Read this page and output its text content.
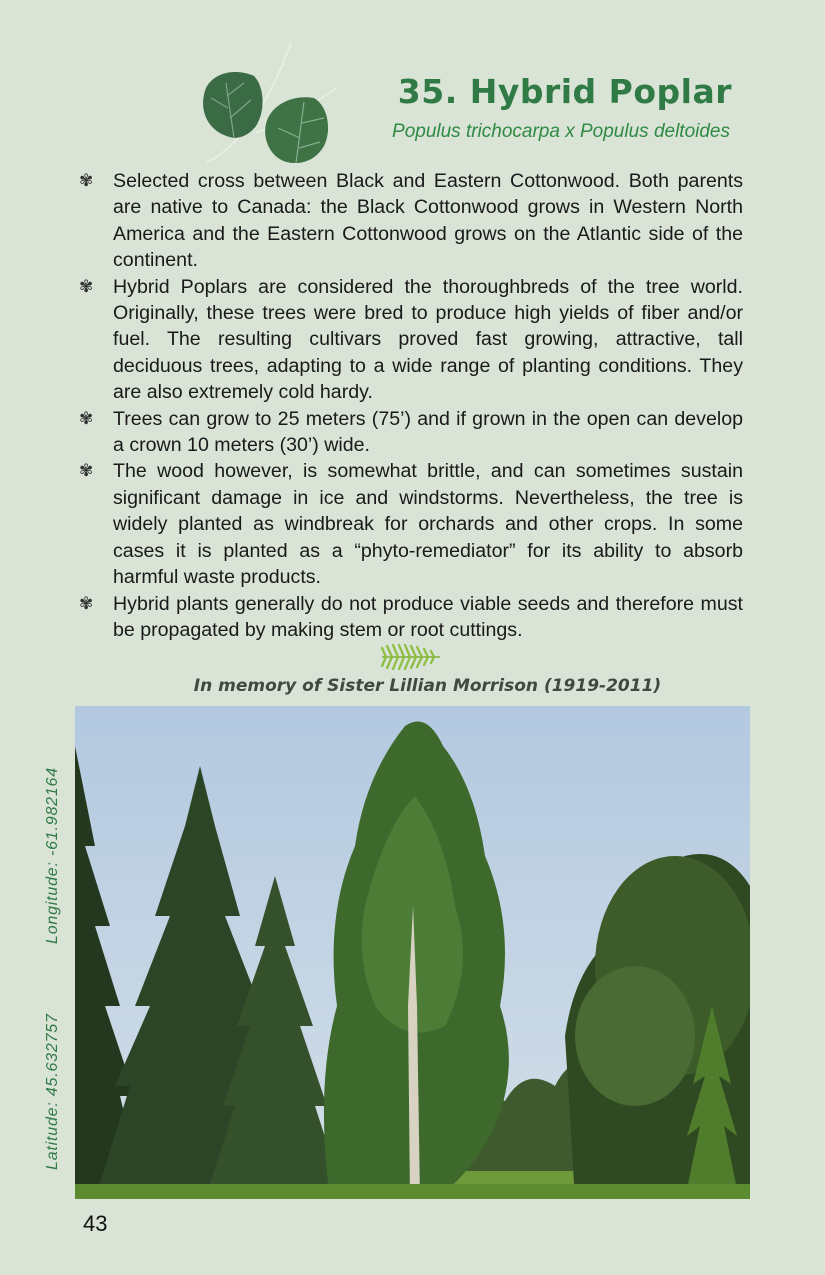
35. Hybrid Poplar
Populus trichocarpa x Populus deltoides
✾ Selected cross between Black and Eastern Cottonwood. Both parents are native to Canada: the Black Cottonwood grows in Western North America and the Eastern Cottonwood grows on the Atlantic side of the continent.
✾ Hybrid Poplars are considered the thoroughbreds of the tree world. Originally, these trees were bred to produce high yields of fiber and/or fuel. The resulting cultivars proved fast growing, attractive, tall deciduous trees, adapting to a wide range of planting conditions. They are also extremely cold hardy.
✾ Trees can grow to 25 meters (75’) and if grown in the open can develop a crown 10 meters (30’) wide.
✾ The wood however, is somewhat brittle, and can sometimes sustain significant damage in ice and windstorms. Nevertheless, the tree is widely planted as windbreak for orchards and other crops. In some cases it is planted as a “phyto-remediator” for its ability to absorb harmful waste products.
✾ Hybrid plants generally do not produce viable seeds and therefore must be propagated by making stem or root cuttings.
In memory of Sister Lillian Morrison (1919-2011)
Latitude: 45.632757
Longitude: -61.982164
43
